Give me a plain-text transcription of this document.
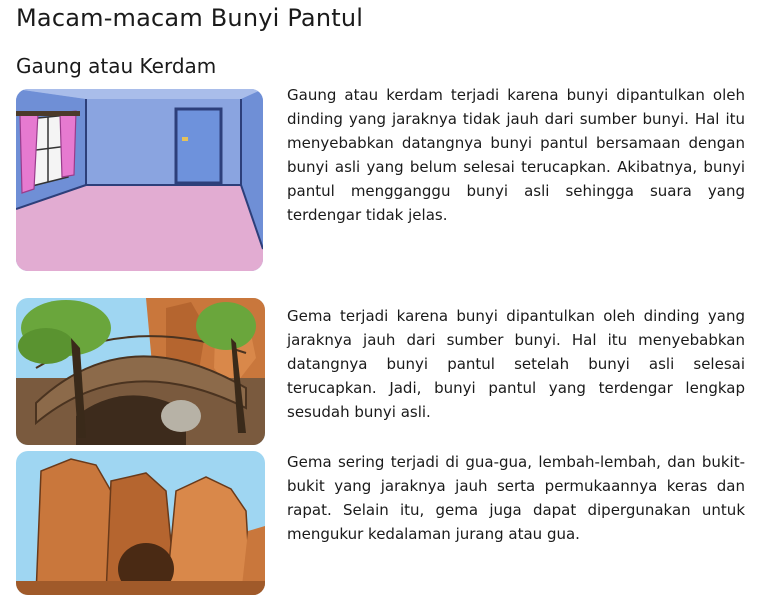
Macam-macam Bunyi Pantul
Gaung atau Kerdam

Gaung atau kerdam terjadi karena bunyi dipantulkan oleh dinding yang jaraknya tidak jauh dari sumber bunyi. Hal itu menyebabkan datangnya bunyi pantul bersamaan dengan bunyi asli yang belum selesai terucapkan. Akibatnya, bunyi pantul mengganggu bunyi asli sehingga suara yang terdengar tidak jelas.

Gema terjadi karena bunyi dipantulkan oleh dinding yang jaraknya jauh dari sumber bunyi. Hal itu menyebabkan datangnya bunyi pantul setelah bunyi asli selesai terucapkan. Jadi, bunyi pantul yang terdengar lengkap sesudah bunyi asli.

Gema sering terjadi di gua-gua, lembah-lembah, dan bukit-bukit yang jaraknya jauh serta permukaannya keras dan rapat. Selain itu, gema juga dapat dipergunakan untuk mengukur kedalaman jurang atau gua.
